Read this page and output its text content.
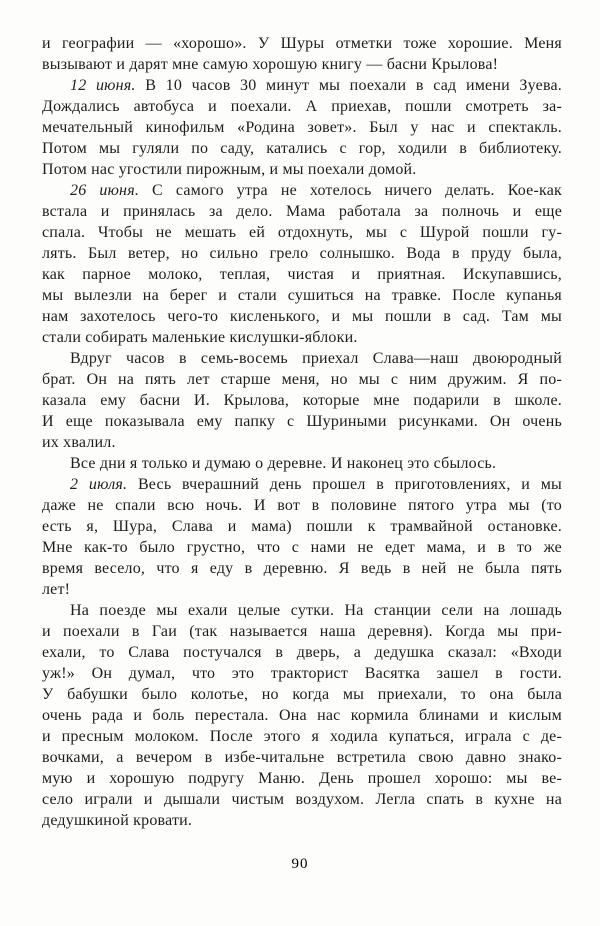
и географии — «хорошо». У Шуры отметки тоже хорошие. Меня
вызывают и дарят мне самую хорошую книгу — басни Крылова!
12 июня. В 10 часов 30 минут мы поехали в сад имени Зуева.
Дождались автобуса и поехали. А приехав, пошли смотреть за-
мечательный кинофильм «Родина зовет». Был у нас и спектакль.
Потом мы гуляли по саду, катались с гор, ходили в библиотеку.
Потом нас угостили пирожным, и мы поехали домой.
26 июня. С самого утра не хотелось ничего делать. Кое-как
встала и принялась за дело. Мама работала за полночь и еще
спала. Чтобы не мешать ей отдохнуть, мы с Шурой пошли гу-
лять. Был ветер, но сильно грело солнышко. Вода в пруду была,
как парное молоко, теплая, чистая и приятная. Искупавшись,
мы вылезли на берег и стали сушиться на травке. После купанья
нам захотелось чего-то кисленького, и мы пошли в сад. Там мы
стали собирать маленькие кислушки-яблоки.
Вдруг часов в семь-восемь приехал Слава—наш двоюродный
брат. Он на пять лет старше меня, но мы с ним дружим. Я по-
казала ему басни И. Крылова, которые мне подарили в школе.
И еще показывала ему папку с Шуриными рисунками. Он очень
их хвалил.
Все дни я только и думаю о деревне. И наконец это сбылось.
2 июля. Весь вчерашний день прошел в приготовлениях, и мы
даже не спали всю ночь. И вот в половине пятого утра мы (то
есть я, Шура, Слава и мама) пошли к трамвайной остановке.
Мне как-то было грустно, что с нами не едет мама, и в то же
время весело, что я еду в деревню. Я ведь в ней не была пять
лет!
На поезде мы ехали целые сутки. На станции сели на лошадь
и поехали в Гаи (так называется наша деревня). Когда мы при-
ехали, то Слава постучался в дверь, а дедушка сказал: «Входи
уж!» Он думал, что это тракторист Васятка зашел в гости.
У бабушки было колотье, но когда мы приехали, то она была
очень рада и боль перестала. Она нас кормила блинами и кислым
и пресным молоком. После этого я ходила купаться, играла с де-
вочками, а вечером в избе-читальне встретила свою давно знако-
мую и хорошую подругу Маню. День прошел хорошо: мы ве-
село играли и дышали чистым воздухом. Легла спать в кухне на
дедушкиной кровати.
90
